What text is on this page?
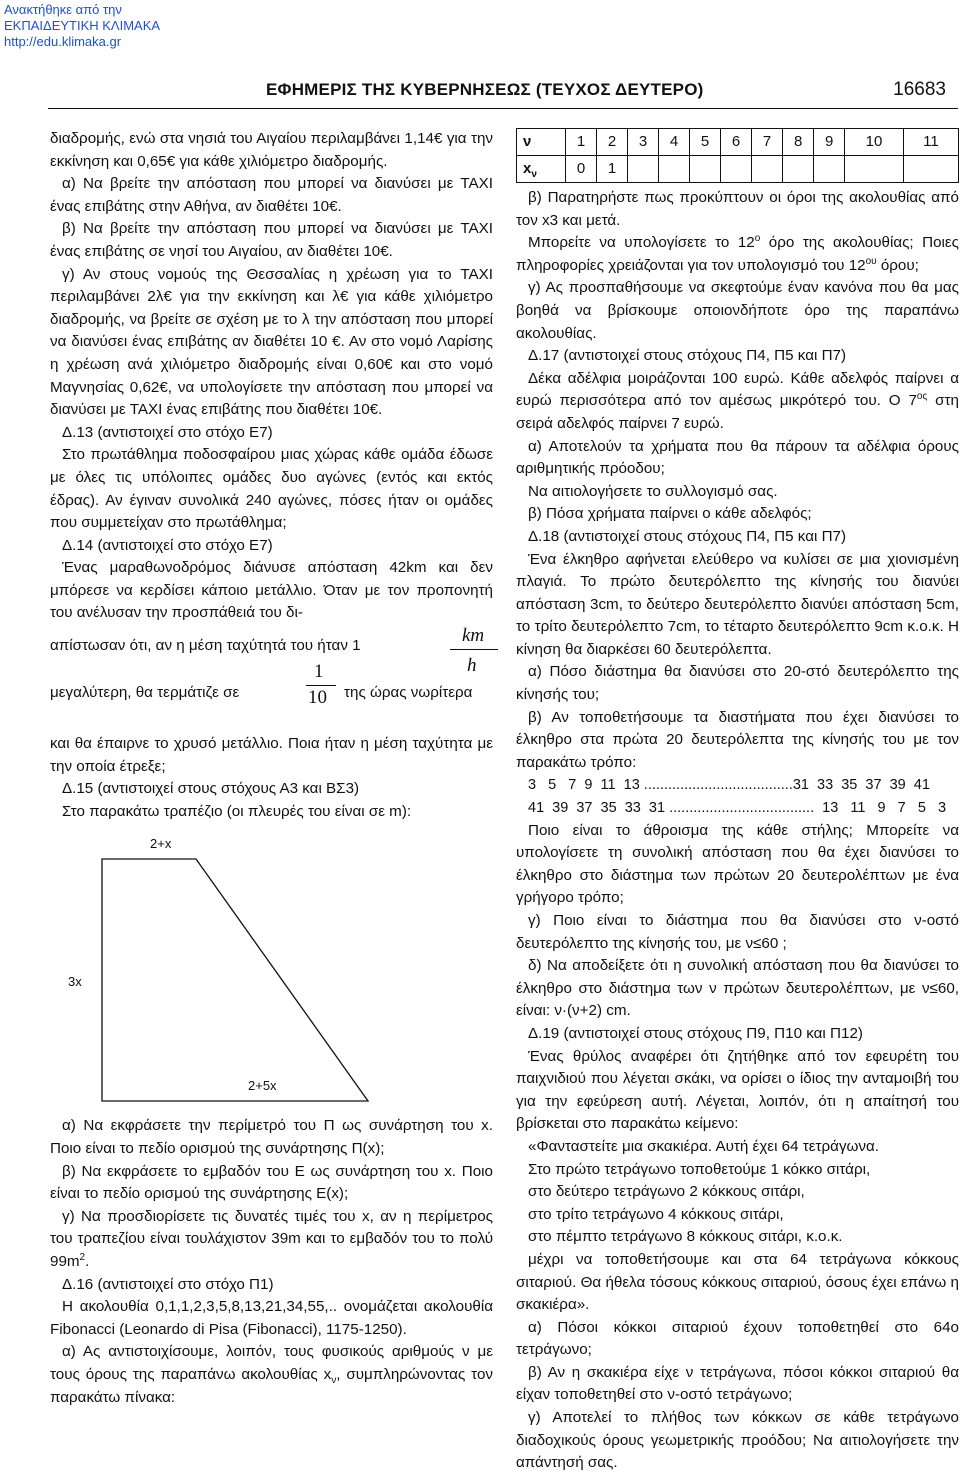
Ανακτήθηκε από την
ΕΚΠΑΙΔΕΥΤΙΚΗ ΚΛΙΜΑΚΑ
http://edu.klimaka.gr
ΕΦΗΜΕΡΙΣ ΤΗΣ ΚΥΒΕΡΝΗΣΕΩΣ (ΤΕΥΧΟΣ ΔΕΥΤΕΡΟ)	16683

διαδρομής, ενώ στα νησιά του Αιγαίου περιλαμβάνει 1,14€ για την εκκίνηση και 0,65€ για κάθε χιλιόμετρο διαδρομής.

α) Να βρείτε την απόσταση που μπορεί να διανύσει με ΤΑΧΙ ένας επιβάτης στην Αθήνα, αν διαθέτει 10€.

β) Να βρείτε την απόσταση που μπορεί να διανύσει με ΤΑΧΙ ένας επιβάτης σε νησί του Αιγαίου, αν διαθέτει 10€.

γ) Αν στους νομούς της Θεσσαλίας η χρέωση για το ΤΑΧΙ περιλαμβάνει 2λ€ για την εκκίνηση και λ€ για κάθε χιλιόμετρο διαδρομής, να βρείτε σε σχέση με το λ την απόσταση που μπορεί να διανύσει ένας επιβάτης αν διαθέτει 10 €. Αν στο νομό Λαρίσης η χρέωση ανά χιλιόμετρο διαδρομής είναι 0,60€ και στο νομό Μαγνησίας 0,62€, να υπολογίσετε την απόσταση που μπορεί να διανύσει με ΤΑΧΙ ένας επιβάτης που διαθέτει 10€.

Δ.13 (αντιστοιχεί στο στόχο Ε7)

Στο πρωτάθλημα ποδοσφαίρου μιας χώρας κάθε ομάδα έδωσε με όλες τις υπόλοιπες ομάδες δυο αγώνες (εντός και εκτός έδρας). Αν έγιναν συνολικά 240 αγώνες, πόσες ήταν οι ομάδες που συμμετείχαν στο πρωτάθλημα;

Δ.14 (αντιστοιχεί στο στόχο Ε7)

Ένας μαραθωνοδρόμος διάνυσε απόσταση 42km και δεν μπόρεσε να κερδίσει κάποιο μετάλλιο. Όταν με τον προπονητή του ανέλυσαν την προσπάθειά του δι-

απίστωσαν ότι, αν η μέση ταχύτητά του ήταν 1	km
h
μεγαλύτερη, θα τερμάτιζε σε
1
10 της ώρας νωρίτερα

και θα έπαιρνε το χρυσό μετάλλιο. Ποια ήταν η μέση ταχύτητα με την οποία έτρεξε;

Δ.15 (αντιστοιχεί στους στόχους Α3 και ΒΣ3)

Στο παρακάτω τραπέζιο (οι πλευρές του είναι σε m):

2+x
3x
2+5x

α) Να εκφράσετε την περίμετρό του Π ως συνάρτηση του x. Ποιο είναι το πεδίο ορισμού της συνάρτησης Π(x);

β) Να εκφράσετε το εμβαδόν του Ε ως συνάρτηση του x. Ποιο είναι το πεδίο ορισμού της συνάρτησης Ε(x);

γ) Να προσδιορίσετε τις δυνατές τιμές του x, αν η περίμετρος του τραπεζίου είναι τουλάχιστον 39m και το εμβαδόν του το πολύ $99m^2$.

Δ.16 (αντιστοιχεί στο στόχο Π1)

Η ακολουθία 0,1,1,2,3,5,8,13,21,34,55,.. ονομάζεται ακολουθία Fibonacci (Leonardo di Pisa (Fibonacci), 1175-1250).

α) Ας αντιστοιχίσουμε, λοιπόν, τους φυσικούς αριθμούς ν με τους όρους της παραπάνω ακολουθίας $x_\nu$, συμπληρώνοντας τον παρακάτω πίνακα:

ν	1	2	3	4	5	6	7	8	9	10	11
$x_\nu$	0	1									

β) Παρατηρήστε πως προκύπτουν οι όροι της ακολουθίας από τον x3 και μετά.

Μπορείτε να υπολογίσετε το $12^o$ όρο της ακολουθίας; Ποιες πληροφορίες χρειάζονται για τον υπολογισμό του $12^{o\upsilon}$ όρου;

γ) Ας προσπαθήσουμε να σκεφτούμε έναν κανόνα που θα μας βοηθά να βρίσκουμε οποιονδήποτε όρο της παραπάνω ακολουθίας.

Δ.17 (αντιστοιχεί στους στόχους Π4, Π5 και Π7)

Δέκα αδέλφια μοιράζονται 100 ευρώ. Κάθε αδελφός παίρνει α ευρώ περισσότερα από τον αμέσως μικρότερό του. Ο $7^{o\varsigma}$ στη σειρά αδελφός παίρνει 7 ευρώ.

α) Αποτελούν τα χρήματα που θα πάρουν τα αδέλφια όρους αριθμητικής πρόοδου;

Να αιτιολογήσετε το συλλογισμό σας.

β) Πόσα χρήματα παίρνει ο κάθε αδελφός;

Δ.18 (αντιστοιχεί στους στόχους Π4, Π5 και Π7)

Ένα έλκηθρο αφήνεται ελεύθερο να κυλίσει σε μια χιονισμένη πλαγιά. Το πρώτο δευτερόλεπτο της κίνησής του διανύει απόσταση 3cm, το δεύτερο δευτερόλεπτο διανύει απόσταση 5cm, το τρίτο δευτερόλεπτο 7cm, το τέταρτο δευτερόλεπτο 9cm κ.ο.κ. Η κίνηση θα διαρκέσει 60 δευτερόλεπτα.

α) Πόσο διάστημα θα διανύσει στο 20-στό δευτερόλεπτο της κίνησής του;

β) Αν τοποθετήσουμε τα διαστήματα που έχει διανύσει το έλκηθρο στα πρώτα 20 δευτερόλεπτα της κίνησής του με τον παρακάτω τρόπο:

3   5   7  9  11  13 .....................................31  33  35  37  39  41

41  39  37  35  33  31 ....................................  13   11   9   7   5   3

Ποιο είναι το άθροισμα της κάθε στήλης; Μπορείτε να υπολογίσετε τη συνολική απόσταση που θα έχει διανύσει το έλκηθρο στο διάστημα των πρώτων 20 δευτερολέπτων με ένα γρήγορο τρόπο;

γ) Ποιο είναι το διάστημα που θα διανύσει στο ν-οστό δευτερόλεπτο της κίνησής του, με ν≤60 ;

δ) Να αποδείξετε ότι η συνολική απόσταση που θα διανύσει το έλκηθρο στο διάστημα των ν πρώτων δευτερολέπτων, με ν≤60, είναι: ν·(ν+2) cm.

Δ.19 (αντιστοιχεί στους στόχους Π9, Π10 και Π12)

Ένας θρύλος αναφέρει ότι ζητήθηκε από τον εφευρέτη του παιχνιδιού που λέγεται σκάκι, να ορίσει ο ίδιος την ανταμοιβή του για την εφεύρεση αυτή. Λέγεται, λοιπόν, ότι η απαίτησή του βρίσκεται στο παρακάτω κείμενο:

«Φανταστείτε μια σκακιέρα. Αυτή έχει 64 τετράγωνα.

Στο πρώτο τετράγωνο τοποθετούμε 1 κόκκο σιτάρι,

στο δεύτερο τετράγωνο 2 κόκκους σιτάρι,

στο τρίτο τετράγωνο 4 κόκκους σιτάρι,

στο πέμπτο τετράγωνο 8 κόκκους σιτάρι, κ.ο.κ.

μέχρι να τοποθετήσουμε και στα 64 τετράγωνα κόκκους σιταριού. Θα ήθελα τόσους κόκκους σιταριού, όσους έχει επάνω η σκακιέρα».

α) Πόσοι κόκκοι σιταριού έχουν τοποθετηθεί στο 64ο τετράγωνο;

β) Αν η σκακιέρα είχε ν τετράγωνα, πόσοι κόκκοι σιταριού θα είχαν τοποθετηθεί στο ν-οστό τετράγωνο;

γ) Αποτελεί το πλήθος των κόκκων σε κάθε τετράγωνο διαδοχικούς όρους γεωμετρικής προόδου; Να αιτιολογήσετε την απάντησή σας.
